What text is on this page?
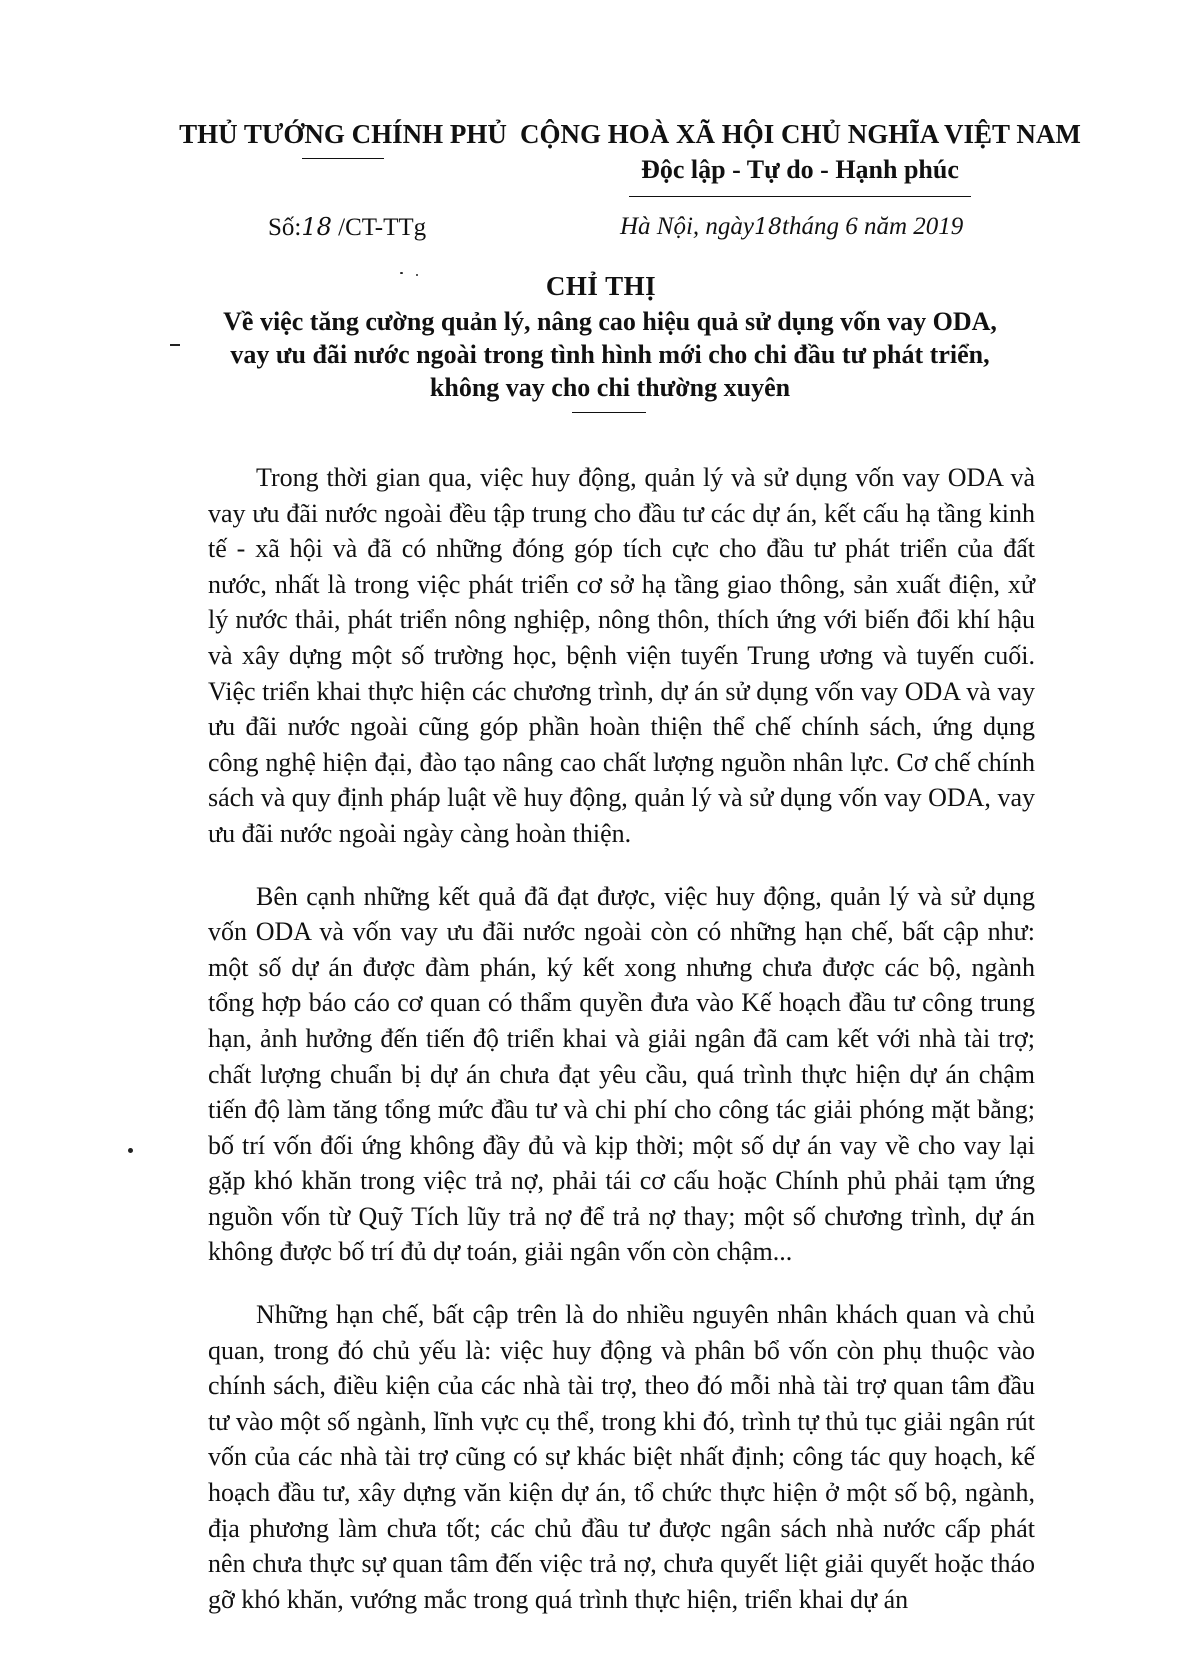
THỦ TƯỚNG CHÍNH PHỦ CỘNG HOÀ XÃ HỘI CHỦ NGHĨA VIỆT NAM
Độc lập - Tự do - Hạnh phúc
Số:18 /CT-TTg	Hà Nội, ngày18tháng 6 năm 2019
CHỈ THỊ
Về việc tăng cường quản lý, nâng cao hiệu quả sử dụng vốn vay ODA,
vay ưu đãi nước ngoài trong tình hình mới cho chi đầu tư phát triển,
không vay cho chi thường xuyên

Trong thời gian qua, việc huy động, quản lý và sử dụng vốn vay ODA và vay ưu đãi nước ngoài đều tập trung cho đầu tư các dự án, kết cấu hạ tầng kinh tế - xã hội và đã có những đóng góp tích cực cho đầu tư phát triển của đất nước, nhất là trong việc phát triển cơ sở hạ tầng giao thông, sản xuất điện, xử lý nước thải, phát triển nông nghiệp, nông thôn, thích ứng với biến đổi khí hậu và xây dựng một số trường học, bệnh viện tuyến Trung ương và tuyến cuối. Việc triển khai thực hiện các chương trình, dự án sử dụng vốn vay ODA và vay ưu đãi nước ngoài cũng góp phần hoàn thiện thể chế chính sách, ứng dụng công nghệ hiện đại, đào tạo nâng cao chất lượng nguồn nhân lực. Cơ chế chính sách và quy định pháp luật về huy động, quản lý và sử dụng vốn vay ODA, vay ưu đãi nước ngoài ngày càng hoàn thiện.

Bên cạnh những kết quả đã đạt được, việc huy động, quản lý và sử dụng vốn ODA và vốn vay ưu đãi nước ngoài còn có những hạn chế, bất cập như: một số dự án được đàm phán, ký kết xong nhưng chưa được các bộ, ngành tổng hợp báo cáo cơ quan có thẩm quyền đưa vào Kế hoạch đầu tư công trung hạn, ảnh hưởng đến tiến độ triển khai và giải ngân đã cam kết với nhà tài trợ; chất lượng chuẩn bị dự án chưa đạt yêu cầu, quá trình thực hiện dự án chậm tiến độ làm tăng tổng mức đầu tư và chi phí cho công tác giải phóng mặt bằng; bố trí vốn đối ứng không đầy đủ và kịp thời; một số dự án vay về cho vay lại gặp khó khăn trong việc trả nợ, phải tái cơ cấu hoặc Chính phủ phải tạm ứng nguồn vốn từ Quỹ Tích lũy trả nợ để trả nợ thay; một số chương trình, dự án không được bố trí đủ dự toán, giải ngân vốn còn chậm...

Những hạn chế, bất cập trên là do nhiều nguyên nhân khách quan và chủ quan, trong đó chủ yếu là: việc huy động và phân bổ vốn còn phụ thuộc vào chính sách, điều kiện của các nhà tài trợ, theo đó mỗi nhà tài trợ quan tâm đầu tư vào một số ngành, lĩnh vực cụ thể, trong khi đó, trình tự thủ tục giải ngân rút vốn của các nhà tài trợ cũng có sự khác biệt nhất định; công tác quy hoạch, kế hoạch đầu tư, xây dựng văn kiện dự án, tổ chức thực hiện ở một số bộ, ngành, địa phương làm chưa tốt; các chủ đầu tư được ngân sách nhà nước cấp phát nên chưa thực sự quan tâm đến việc trả nợ, chưa quyết liệt giải quyết hoặc tháo gỡ khó khăn, vướng mắc trong quá trình thực hiện, triển khai dự án
